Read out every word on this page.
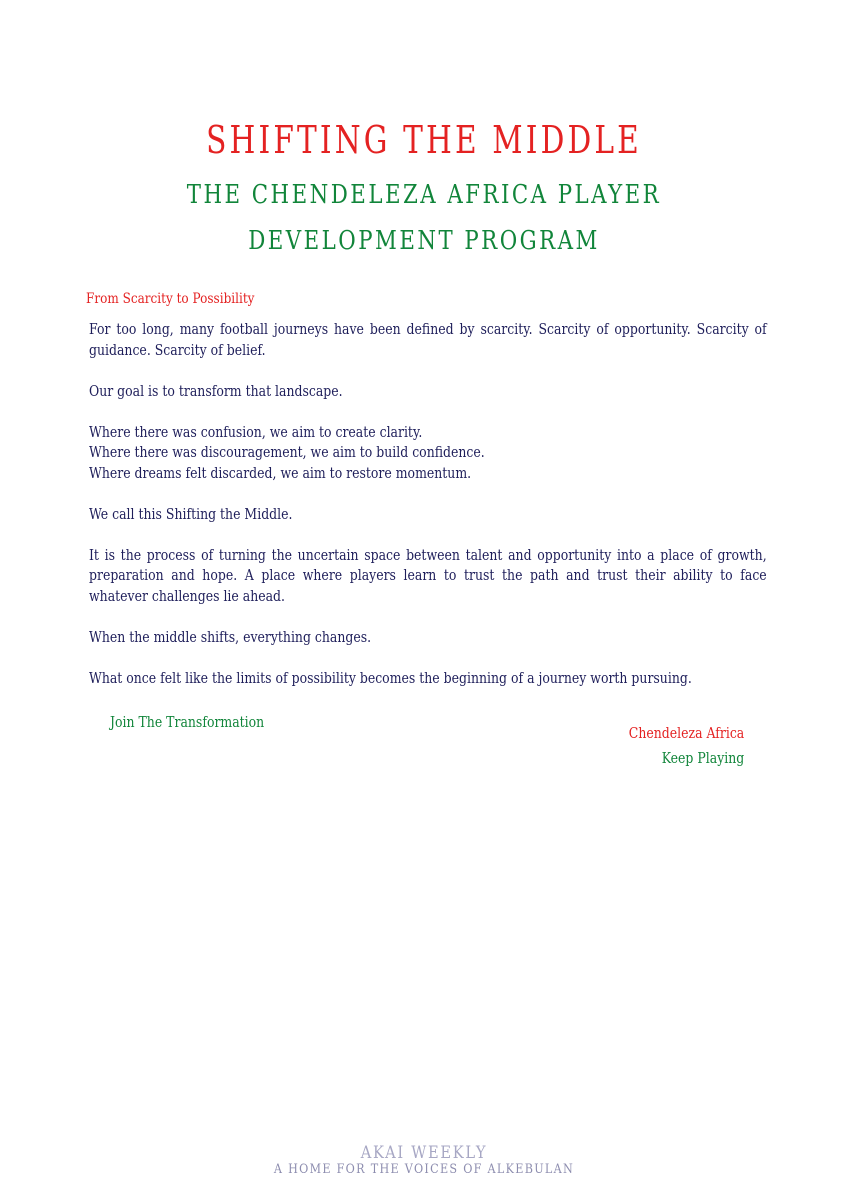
SHIFTING THE MIDDLE
THE CHENDELEZA AFRICA PLAYER
DEVELOPMENT PROGRAM
From Scarcity to Possibility

For too long, many football journeys have been defined by scarcity. Scarcity of opportunity. Scarcity of guidance. Scarcity of belief.

Our goal is to transform that landscape.

Where there was confusion, we aim to create clarity.
Where there was discouragement, we aim to build confidence.
Where dreams felt discarded, we aim to restore momentum.

We call this Shifting the Middle.

It is the process of turning the uncertain space between talent and opportunity into a place of growth, preparation and hope. A place where players learn to trust the path and trust their ability to face whatever challenges lie ahead.

When the middle shifts, everything changes.

What once felt like the limits of possibility becomes the beginning of a journey worth pursuing.

Join The Transformation
Chendeleza Africa
Keep Playing
AKAI WEEKLY
A HOME FOR THE VOICES OF ALKEBULAN
